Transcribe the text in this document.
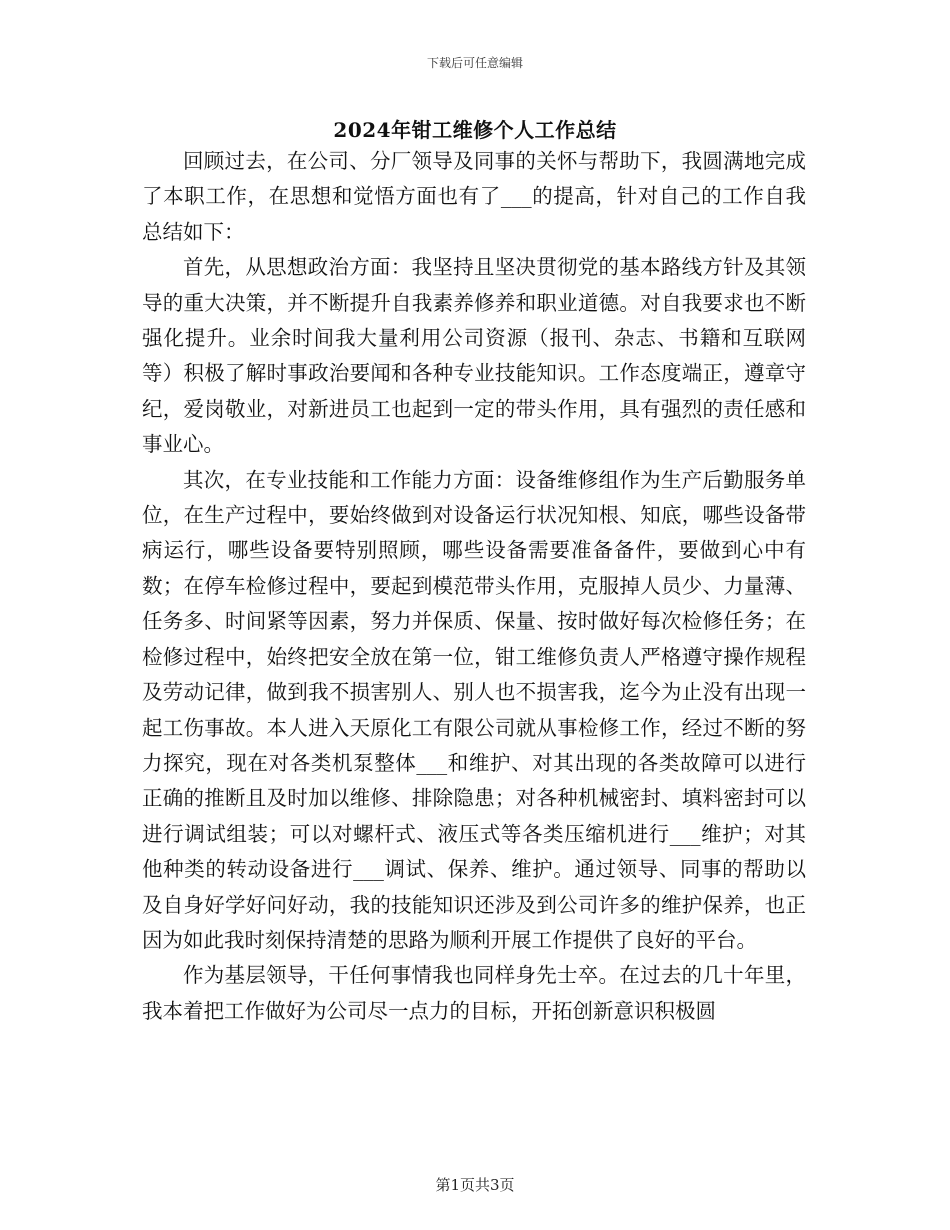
下载后可任意编辑
2024年钳工维修个人工作总结

回顾过去，在公司、分厂领导及同事的关怀与帮助下，我圆满地完成了本职工作，在思想和觉悟方面也有了___的提高，针对自己的工作自我总结如下：

首先，从思想政治方面：我坚持且坚决贯彻党的基本路线方针及其领导的重大决策，并不断提升自我素养修养和职业道德。对自我要求也不断强化提升。业余时间我大量利用公司资源（报刊、杂志、书籍和互联网等）积极了解时事政治要闻和各种专业技能知识。工作态度端正，遵章守纪，爱岗敬业，对新进员工也起到一定的带头作用，具有强烈的责任感和事业心。

其次，在专业技能和工作能力方面：设备维修组作为生产后勤服务单位，在生产过程中，要始终做到对设备运行状况知根、知底，哪些设备带病运行，哪些设备要特别照顾，哪些设备需要准备备件，要做到心中有数；在停车检修过程中，要起到模范带头作用，克服掉人员少、力量薄、任务多、时间紧等因素，努力并保质、保量、按时做好每次检修任务；在检修过程中，始终把安全放在第一位，钳工维修负责人严格遵守操作规程及劳动记律，做到我不损害别人、别人也不损害我，迄今为止没有出现一起工伤事故。本人进入天原化工有限公司就从事检修工作，经过不断的努力探究，现在对各类机泵整体___和维护、对其出现的各类故障可以进行正确的推断且及时加以维修、排除隐患；对各种机械密封、填料密封可以进行调试组装；可以对螺杆式、液压式等各类压缩机进行___维护；对其他种类的转动设备进行___调试、保养、维护。通过领导、同事的帮助以及自身好学好问好动，我的技能知识还涉及到公司许多的维护保养，也正因为如此我时刻保持清楚的思路为顺利开展工作提供了良好的平台。

作为基层领导，干任何事情我也同样身先士卒。在过去的几十年里，我本着把工作做好为公司尽一点力的目标，开拓创新意识积极圆

第1页共3页
